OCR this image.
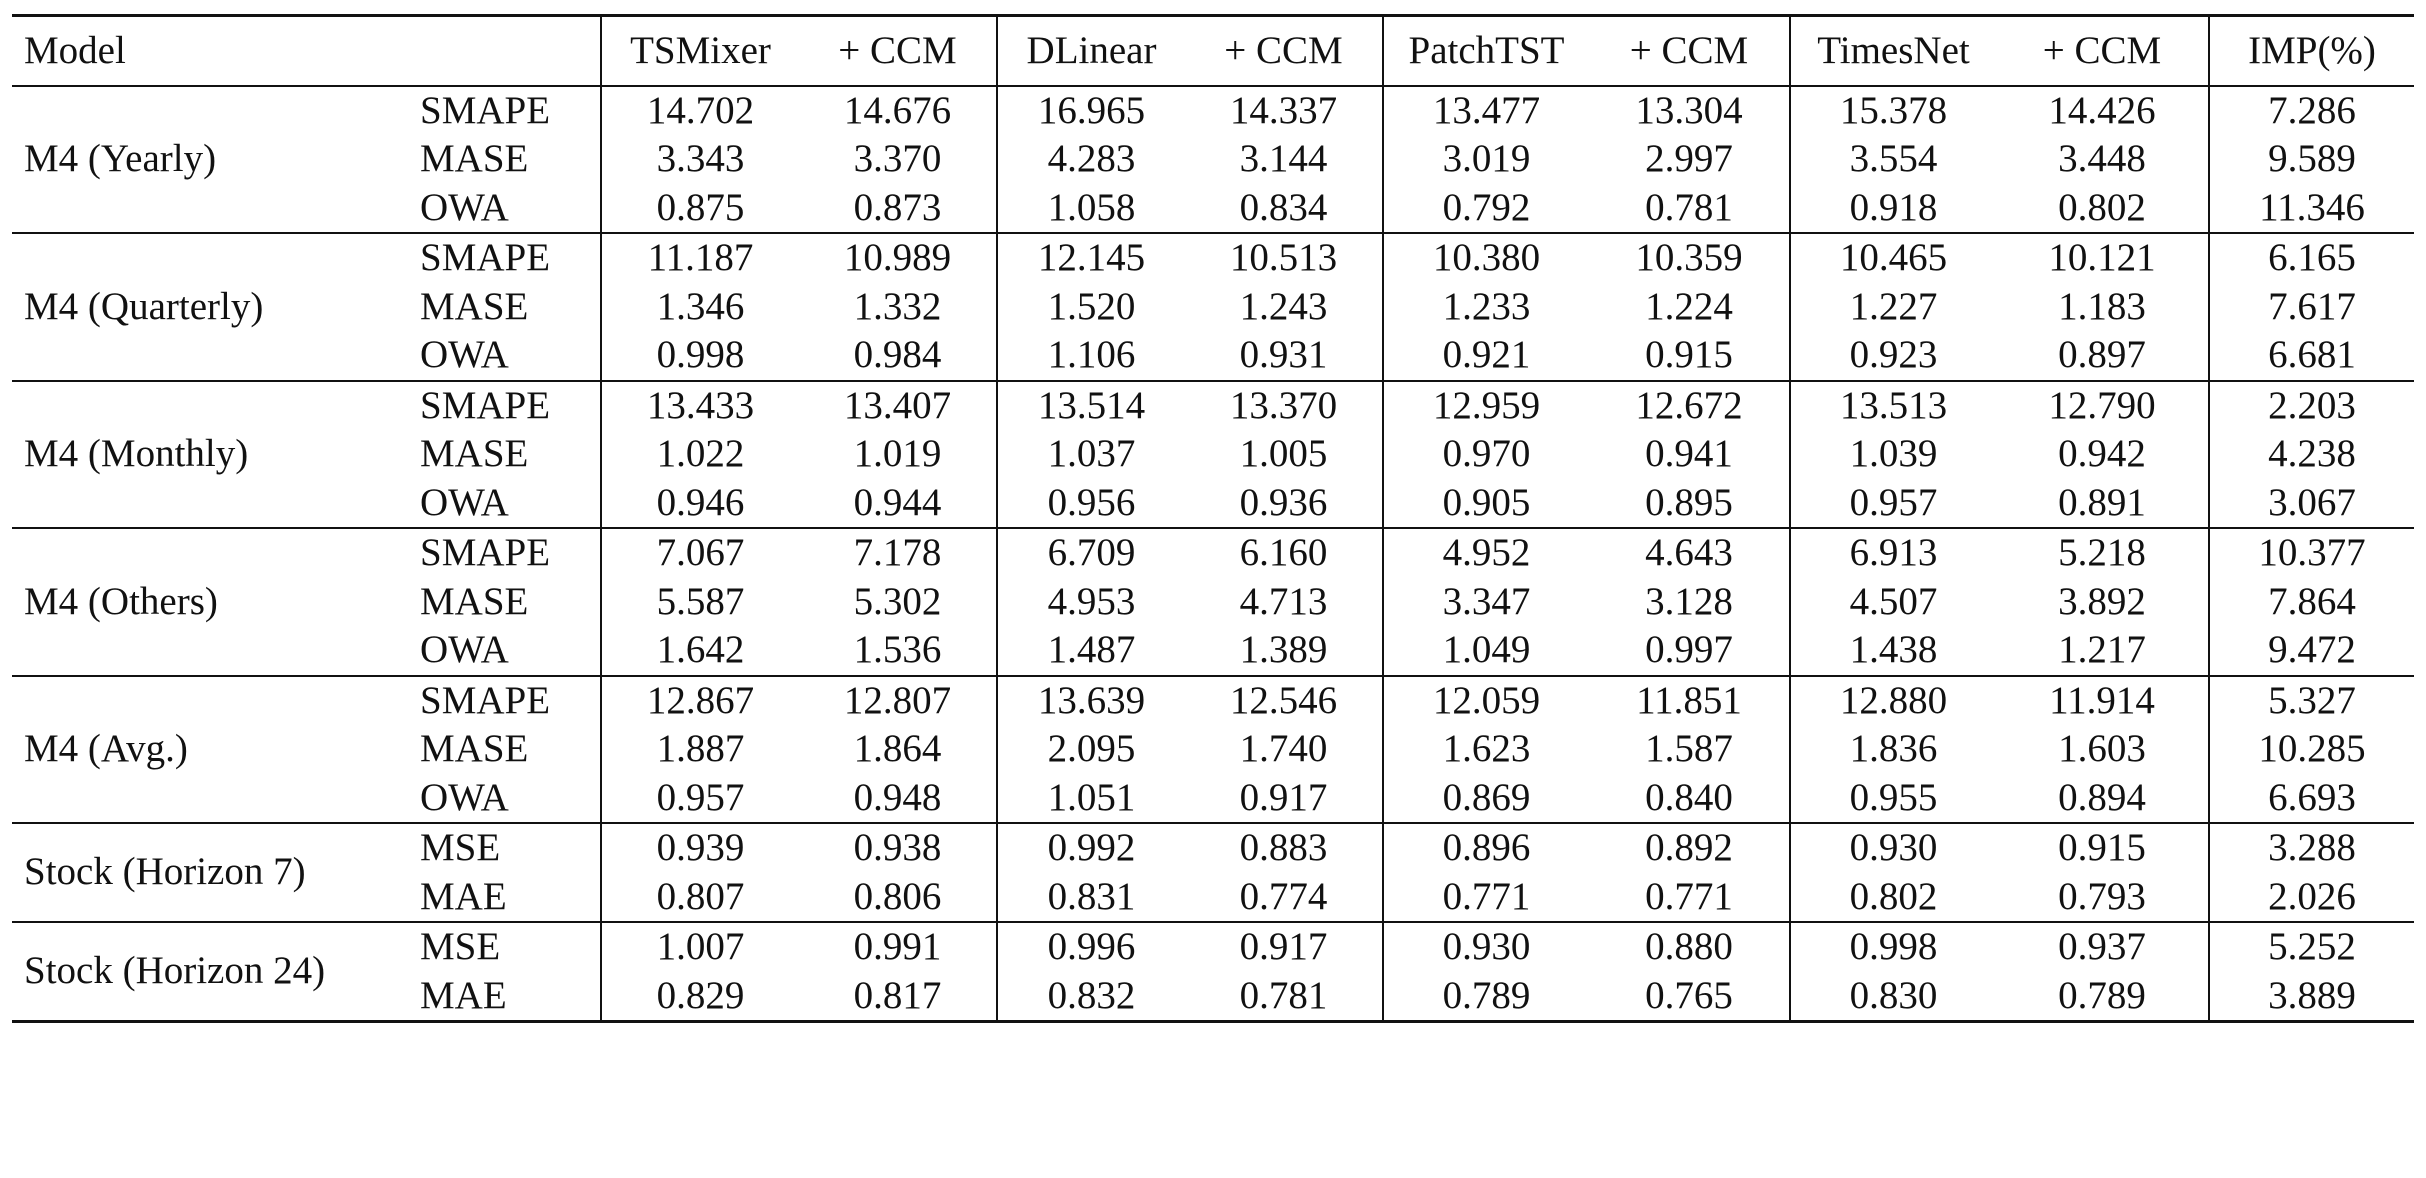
Model		TSMixer	+ CCM	DLinear	+ CCM	PatchTST	+ CCM	TimesNet	+ CCM	IMP(%)
M4 (Yearly)	SMAPE	14.702	14.676	16.965	14.337	13.477	13.304	15.378	14.426	7.286
	MASE	3.343	3.370	4.283	3.144	3.019	2.997	3.554	3.448	9.589
	OWA	0.875	0.873	1.058	0.834	0.792	0.781	0.918	0.802	11.346
M4 (Quarterly)	SMAPE	11.187	10.989	12.145	10.513	10.380	10.359	10.465	10.121	6.165
	MASE	1.346	1.332	1.520	1.243	1.233	1.224	1.227	1.183	7.617
	OWA	0.998	0.984	1.106	0.931	0.921	0.915	0.923	0.897	6.681
M4 (Monthly)	SMAPE	13.433	13.407	13.514	13.370	12.959	12.672	13.513	12.790	2.203
	MASE	1.022	1.019	1.037	1.005	0.970	0.941	1.039	0.942	4.238
	OWA	0.946	0.944	0.956	0.936	0.905	0.895	0.957	0.891	3.067
M4 (Others)	SMAPE	7.067	7.178	6.709	6.160	4.952	4.643	6.913	5.218	10.377
	MASE	5.587	5.302	4.953	4.713	3.347	3.128	4.507	3.892	7.864
	OWA	1.642	1.536	1.487	1.389	1.049	0.997	1.438	1.217	9.472
M4 (Avg.)	SMAPE	12.867	12.807	13.639	12.546	12.059	11.851	12.880	11.914	5.327
	MASE	1.887	1.864	2.095	1.740	1.623	1.587	1.836	1.603	10.285
	OWA	0.957	0.948	1.051	0.917	0.869	0.840	0.955	0.894	6.693
Stock (Horizon 7)	MSE	0.939	0.938	0.992	0.883	0.896	0.892	0.930	0.915	3.288
	MAE	0.807	0.806	0.831	0.774	0.771	0.771	0.802	0.793	2.026
Stock (Horizon 24)	MSE	1.007	0.991	0.996	0.917	0.930	0.880	0.998	0.937	5.252
	MAE	0.829	0.817	0.832	0.781	0.789	0.765	0.830	0.789	3.889
